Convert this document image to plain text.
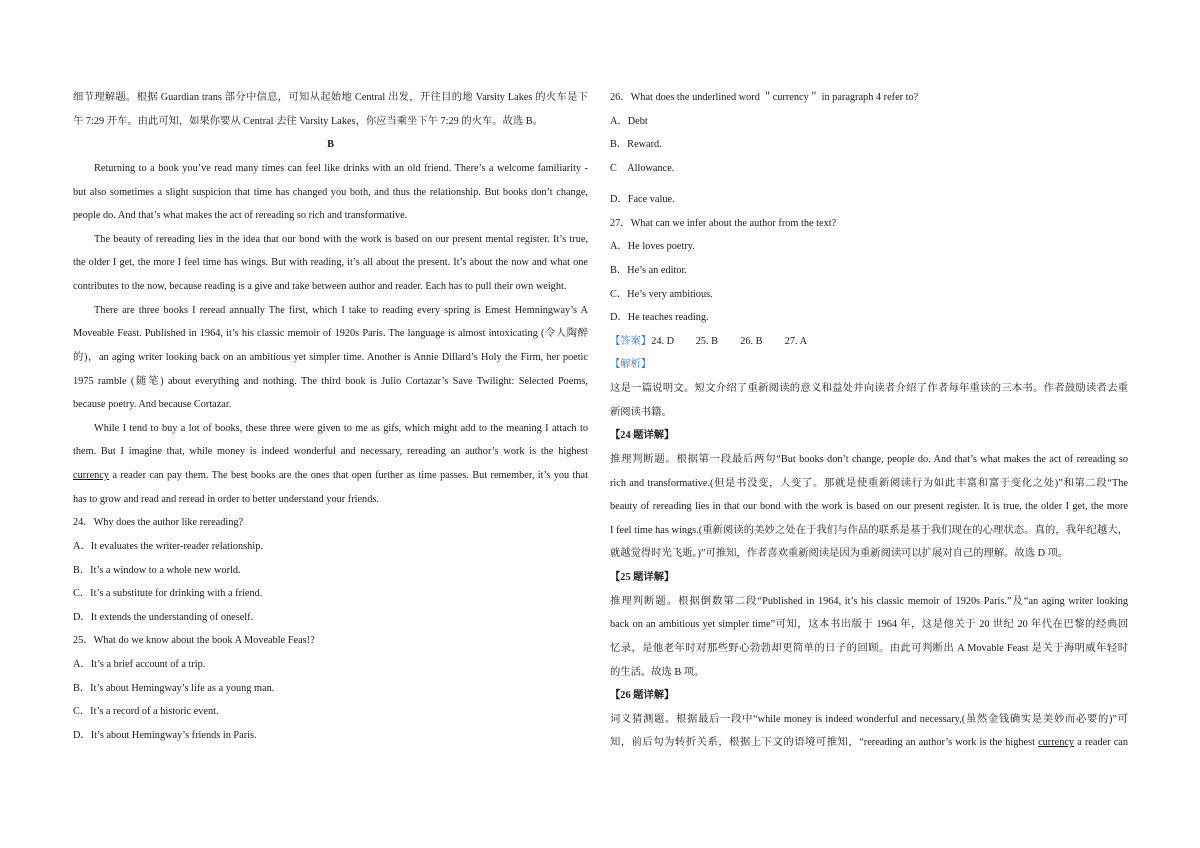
细节理解题。根据 Guardian trans 部分中信息，可知从起始地 Central 出发，开往目的地 Varsity Lakes 的火车是下
午 7:29 开车。由此可知，如果你要从 Central 去往 Varsity Lakes，你应当乘坐下午 7:29 的火车。故选 B。
B
Returning to a book you’ve read many times can feel like drinks with an old friend. There’s a welcome familiarity -
but also sometimes a slight suspicion that time has changed you both, and thus the relationship. But books don’t change,
people do. And that’s what makes the act of rereading so rich and transformative.
The beauty of rereading lies in the idea that our bond with the work is based on our present mental register. It’s true,
the older I get, the more I feel time has wings. But with reading, it’s all about the present. It’s about the now and what one
contributes to the now, because reading is a give and take between author and reader. Each has to pull their own weight.
There are three books I reread annually The first, which I take to reading every spring is Emest Hemningway’s A
Moveable Feast. Published in 1964, it’s his classic memoir of 1920s Paris. The language is almost intoxicating (令人陶醉
的)，an aging writer looking back on an ambitious yet simpler time. Another is Annie Dillard’s Holy the Firm, her poetic
1975 ramble (随笔) about everything and nothing. The third book is Julio Cortazar’s Save Twilight: Selected Poems,
because poetry. And because Cortazar.
While I tend to buy a lot of books, these three were given to me as gifs, which might add to the meaning I attach to
them. But I imagine that, while money is indeed wonderful and necessary, rereading an author’s work is the highest
currency a reader can pay them. The best books are the ones that open further as time passes. But remember, it’s you that
has to grow and read and reread in order to better understand your friends.
24．Why does the author like rereading?
A．It evaluates the writer-reader relationship.
B．It’s a window to a whole new world.
C．It’s a substitute for drinking with a friend.
D．It extends the understanding of oneself.
25．What do we know about the book A Moveable Feas!?
A．It’s a brief account of a trip.
B．It’s about Hemingway’s life as a young man.
C．It’s a record of a historic event.
D．It’s about Hemingway’s friends in Paris.
26．What does the underlined word ＂currency＂ in paragraph 4 refer to?
A．Debt
B．Reward.
C　Allowance.
D．Face value.
27．What can we infer about the author from the text?
A．He loves poetry.
B．He’s an editor.
C．He’s very ambitious.
D．He teaches reading.
【答案】24. D 25. B 26. B 27. A
【解析】
这是一篇说明文。短文介绍了重新阅读的意义和益处并向读者介绍了作者每年重读的三本书。作者鼓励读者去重
新阅读书籍。
【24 题详解】
推理判断题。根据第一段最后两句“But books don’t change, people do. And that’s what makes the act of rereading so
rich and transformative.(但是书没变，人变了。那就是使重新阅读行为如此丰富和富于变化之处)”和第二段“The
beauty of rereading lies in that our bond with the work is based on our present register. It is true, the older I get, the more
I feel time has wings.(重新阅读的美妙之处在于我们与作品的联系是基于我们现在的心理状态。真的，我年纪越大，
就越觉得时光飞逝。)”可推知，作者喜欢重新阅读是因为重新阅读可以扩展对自己的理解。故选 D 项。
【25 题详解】
推理判断题。根据倒数第二段“Published in 1964, it’s his classic memoir of 1920s Paris.”及“an aging writer looking
back on an ambitious yet simpler time”可知，这本书出版于 1964 年，这是他关于 20 世纪 20 年代在巴黎的经典回
忆录，是他老年时对那些野心勃勃却更简单的日子的回顾。由此可判断出 A Movable Feast 是关于海明威年轻时
的生活。故选 B 项。
【26 题详解】
词义猜测题。根据最后一段中“while money is indeed wonderful and necessary,(虽然金钱确实是美妙而必要的)”可
知，前后句为转折关系，根据上下文的语境可推知，“rereading an author’s work is the highest currency a reader can
